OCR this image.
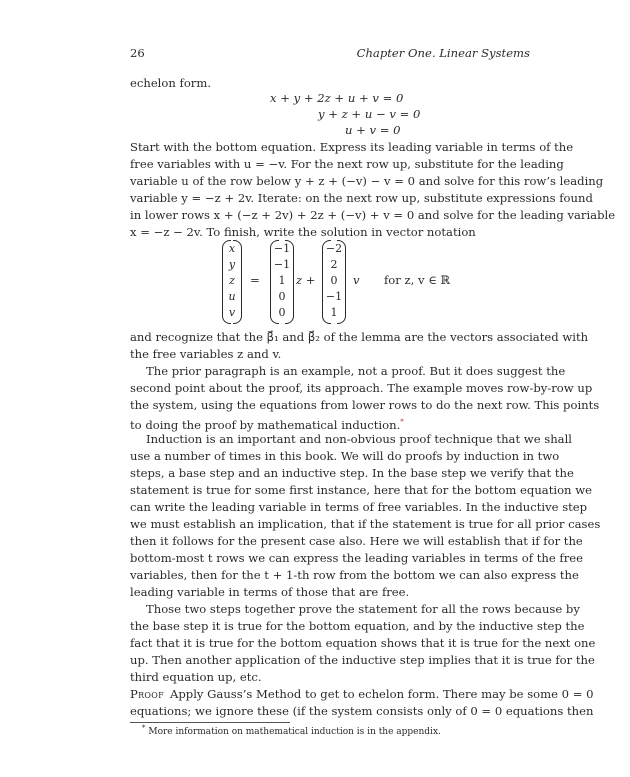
26	Chapter One. Linear Systems
echelon form.
x + y + 2z + u + v = 0
y + z + u − v = 0
u + v = 0
Start with the bottom equation. Express its leading variable in terms of the
free variables with u = −v. For the next row up, substitute for the leading
variable u of the row below y + z + (−v) − v = 0 and solve for this row’s leading
variable y = −z + 2v. Iterate: on the next row up, substitute expressions found
in lower rows x + (−z + 2v) + 2z + (−v) + v = 0 and solve for the leading variable
x = −z − 2v. To finish, write the solution in vector notation
x
y
z
u
v
=
−1
−1
1
0
0
z +
−2
2
0
−1
1
v for z, v ∈ ℝ
and recognize that the β⃗₁ and β⃗₂ of the lemma are the vectors associated with
the free variables z and v.
The prior paragraph is an example, not a proof. But it does suggest the
second point about the proof, its approach. The example moves row-by-row up
the system, using the equations from lower rows to do the next row. This points
to doing the proof by mathematical induction.*
Induction is an important and non-obvious proof technique that we shall
use a number of times in this book. We will do proofs by induction in two
steps, a base step and an inductive step. In the base step we verify that the
statement is true for some first instance, here that for the bottom equation we
can write the leading variable in terms of free variables. In the inductive step
we must establish an implication, that if the statement is true for all prior cases
then it follows for the present case also. Here we will establish that if for the
bottom-most t rows we can express the leading variables in terms of the free
variables, then for the t + 1-th row from the bottom we can also express the
leading variable in terms of those that are free.
Those two steps together prove the statement for all the rows because by
the base step it is true for the bottom equation, and by the inductive step the
fact that it is true for the bottom equation shows that it is true for the next one
up. Then another application of the inductive step implies that it is true for the
third equation up, etc.
Proof Apply Gauss’s Method to get to echelon form. There may be some 0 = 0
equations; we ignore these (if the system consists only of 0 = 0 equations then
* More information on mathematical induction is in the appendix.
